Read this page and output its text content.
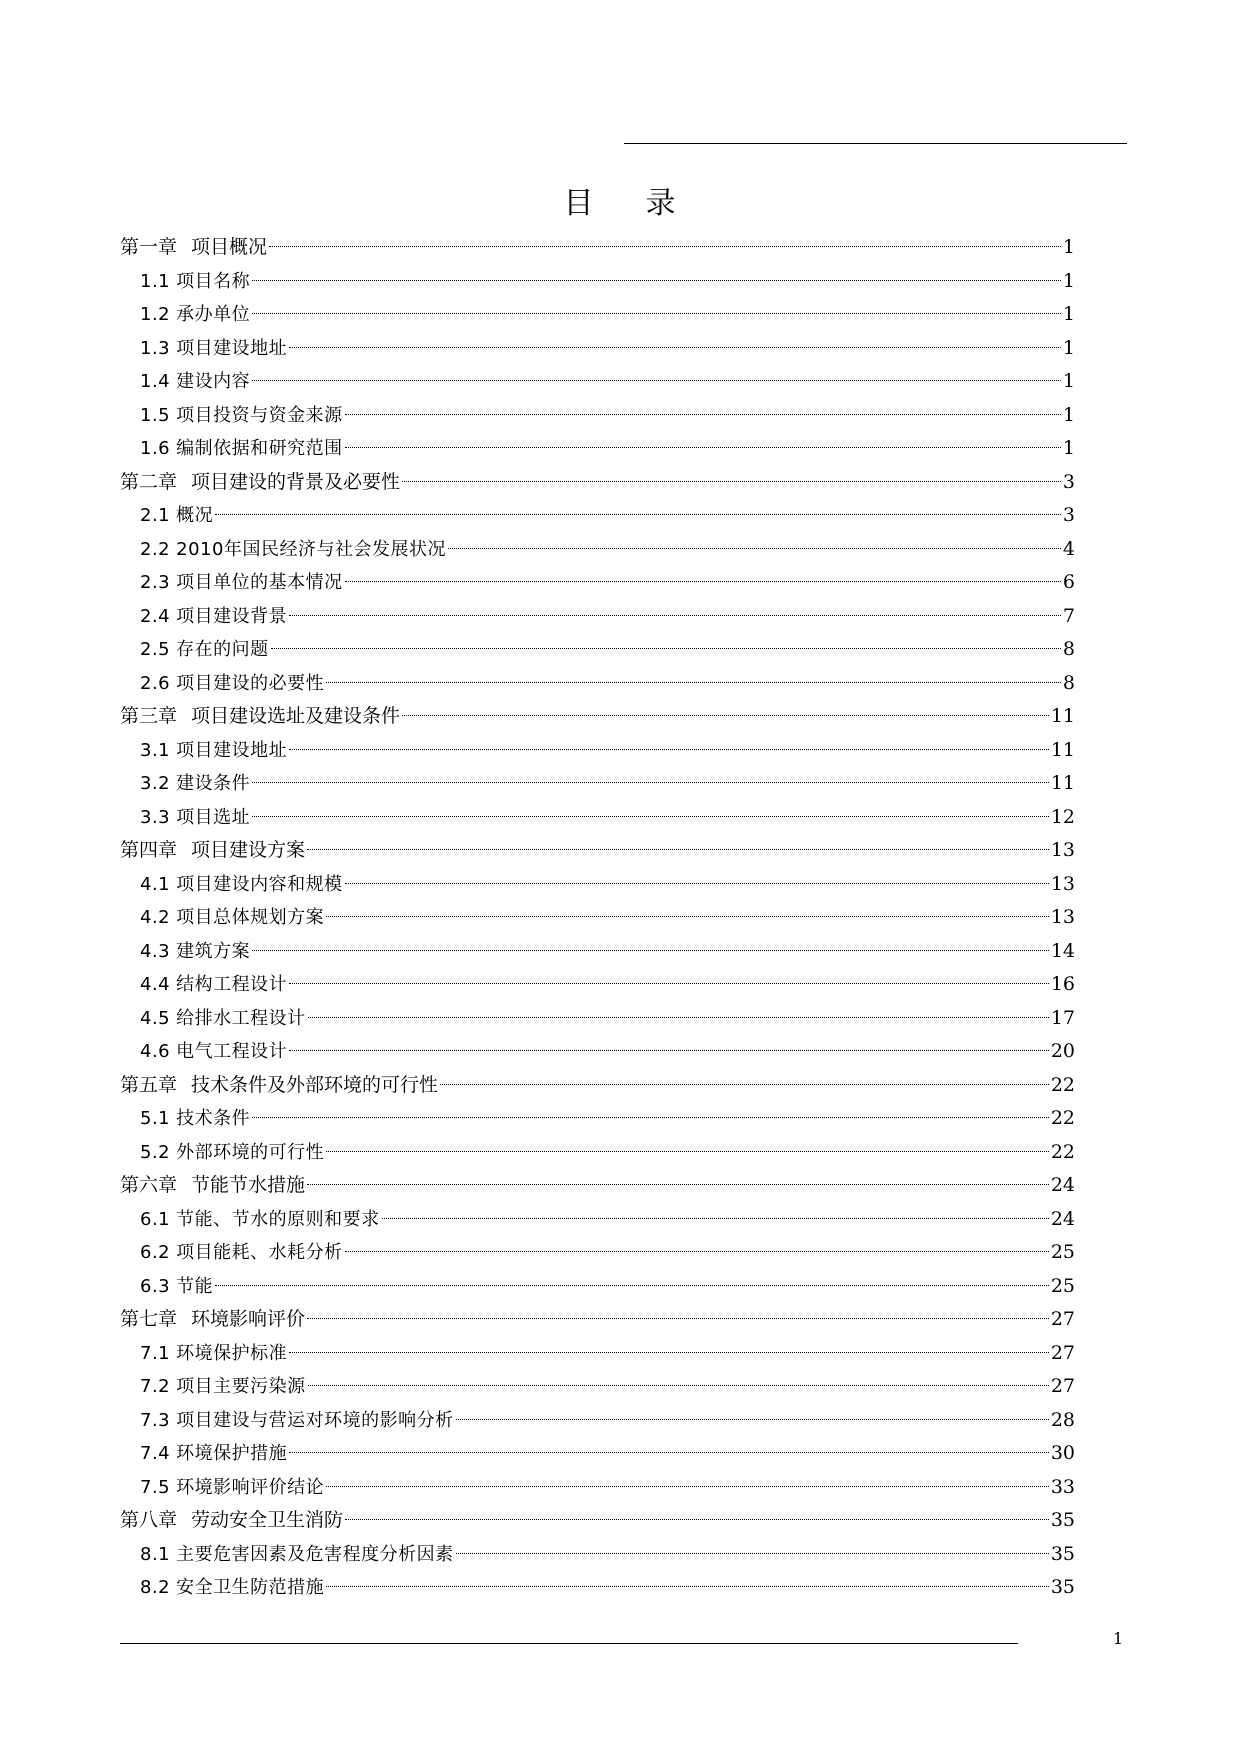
目 录
第一章 项目概况	1
1.1 项目名称	1
1.2 承办单位	1
1.3 项目建设地址	1
1.4 建设内容	1
1.5 项目投资与资金来源	1
1.6 编制依据和研究范围	1
第二章 项目建设的背景及必要性	3
2.1 概况	3
2.2 2010年国民经济与社会发展状况	4
2.3 项目单位的基本情况	6
2.4 项目建设背景	7
2.5 存在的问题	8
2.6 项目建设的必要性	8
第三章 项目建设选址及建设条件	11
3.1 项目建设地址	11
3.2 建设条件	11
3.3 项目选址	12
第四章 项目建设方案	13
4.1 项目建设内容和规模	13
4.2 项目总体规划方案	13
4.3 建筑方案	14
4.4 结构工程设计	16
4.5 给排水工程设计	17
4.6 电气工程设计	20
第五章 技术条件及外部环境的可行性	22
5.1 技术条件	22
5.2 外部环境的可行性	22
第六章 节能节水措施	24
6.1 节能、节水的原则和要求	24
6.2 项目能耗、水耗分析	25
6.3 节能	25
第七章 环境影响评价	27
7.1 环境保护标准	27
7.2 项目主要污染源	27
7.3 项目建设与营运对环境的影响分析	28
7.4 环境保护措施	30
7.5 环境影响评价结论	33
第八章 劳动安全卫生消防	35
8.1 主要危害因素及危害程度分析因素	35
8.2 安全卫生防范措施	35
1
